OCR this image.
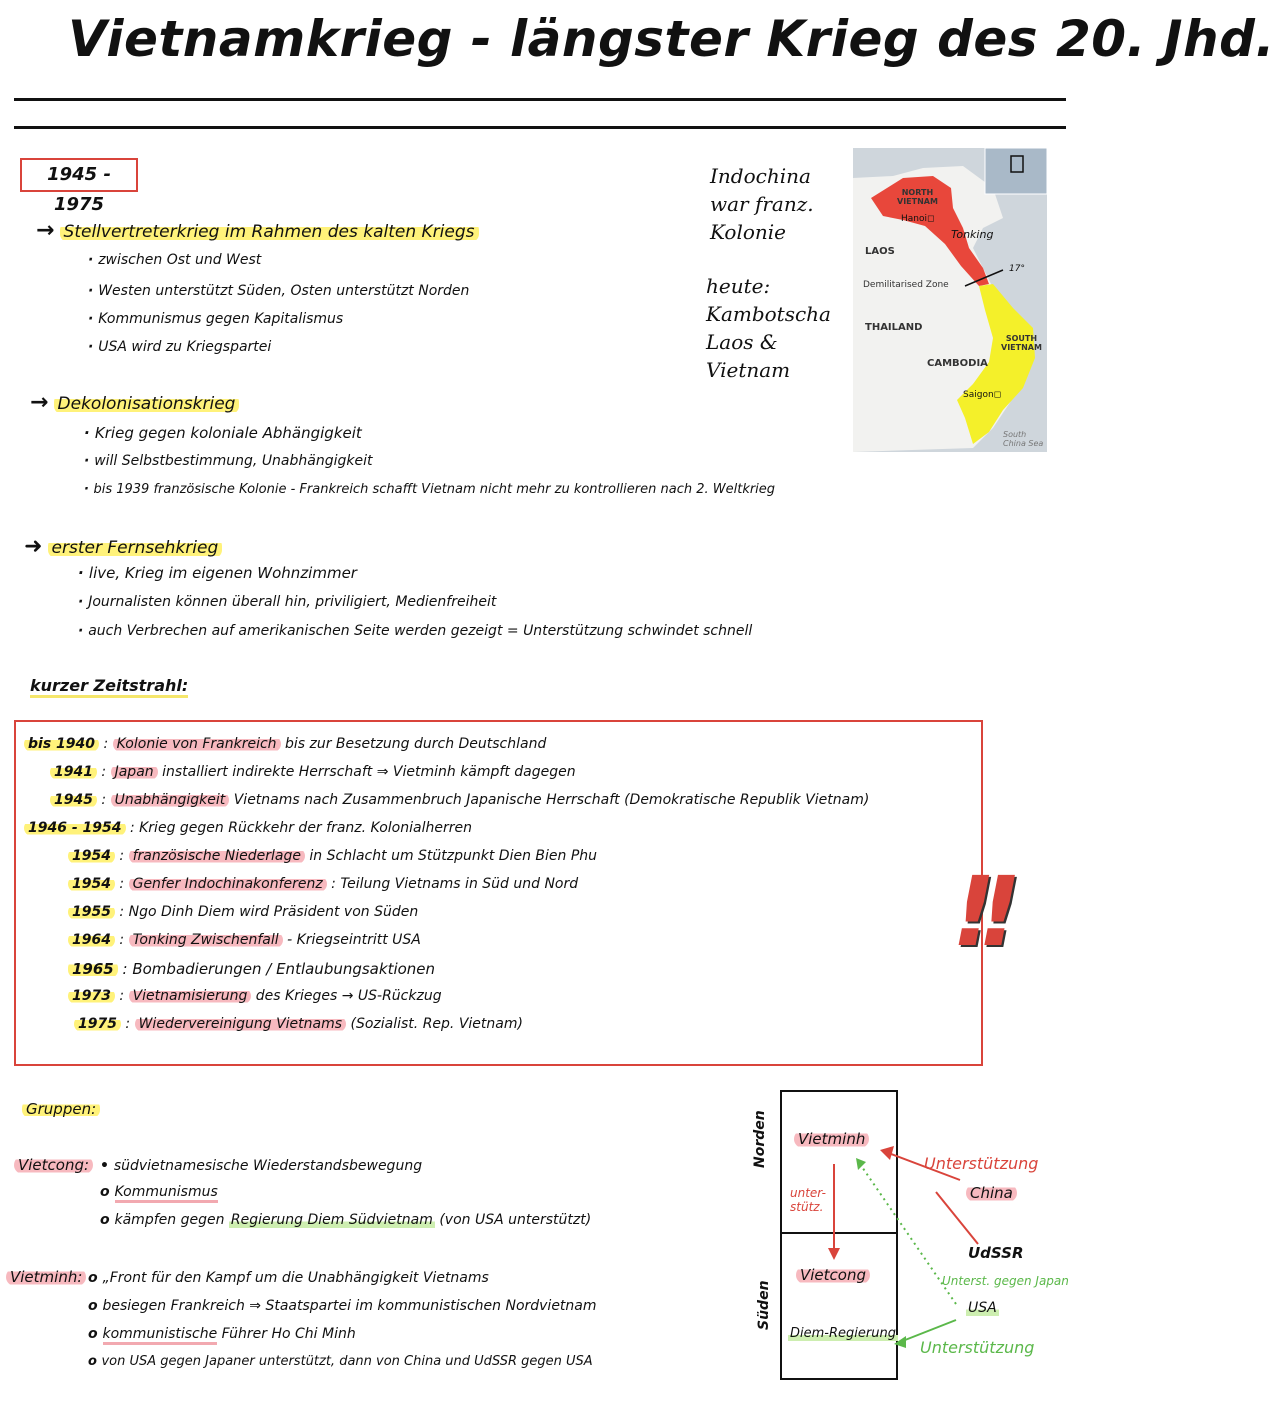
Vietnamkrieg - längster Krieg des 20. Jhd.
1945 - 1975
→ Stellvertreterkrieg im Rahmen des kalten Kriegs
· zwischen Ost und West
· Westen unterstützt Süden, Osten unterstützt Norden
· Kommunismus gegen Kapitalismus
· USA wird zu Kriegspartei
→ Dekolonisationskrieg
· Krieg gegen koloniale Abhängigkeit
· will Selbstbestimmung, Unabhängigkeit
· bis 1939 französische Kolonie - Frankreich schafft Vietnam nicht mehr zu kontrollieren nach 2. Weltkrieg
➜ erster Fernsehkrieg
· live, Krieg im eigenen Wohnzimmer
· Journalisten können überall hin, priviligiert, Medienfreiheit
· auch Verbrechen auf amerikanischen Seite werden gezeigt = Unterstützung schwindet schnell
Indochina
war franz.
Kolonie
heute:
Kambotscha
Laos &
Vietnam
NORTH
VIETNAM
Hanoi◻
LAOS
Demilitarised Zone
THAILAND
SOUTH
VIETNAM
CAMBODIA
Saigon◻
South
China Sea
Tonking
17°
kurzer Zeitstrahl:
bis 1940 : Kolonie von Frankreich bis zur Besetzung durch Deutschland
1941 : Japan installiert indirekte Herrschaft ⇒ Vietminh kämpft dagegen
1945 : Unabhängigkeit Vietnams nach Zusammenbruch Japanische Herrschaft (Demokratische Republik Vietnam)
1946 - 1954 : Krieg gegen Rückkehr der franz. Kolonialherren
1954 : französische Niederlage in Schlacht um Stützpunkt Dien Bien Phu
1954 : Genfer Indochinakonferenz : Teilung Vietnams in Süd und Nord
1955 : Ngo Dinh Diem wird Präsident von Süden
1964 : Tonking Zwischenfall - Kriegseintritt USA
1965 : Bombadierungen / Entlaubungsaktionen
1973 : Vietnamisierung des Krieges → US-Rückzug
1975 : Wiedervereinigung Vietnams (Sozialist. Rep. Vietnam)
!!
Gruppen:
Vietcong: • südvietnamesische Wiederstandsbewegung
o Kommunismus
o kämpfen gegen Regierung Diem Südvietnam (von USA unterstützt)
Vietminh: o „Front für den Kampf um die Unabhängigkeit Vietnams
o besiegen Frankreich ⇒ Staatspartei im kommunistischen Nordvietnam
o kommunistische Führer Ho Chi Minh
o von USA gegen Japaner unterstützt, dann von China und UdSSR gegen USA
Norden
Süden
Vietminh
Vietcong
Diem-Regierung
unter-
stütz.
Unterstützung
China
UdSSR
Unterst. gegen Japan
USA
Unterstützung
